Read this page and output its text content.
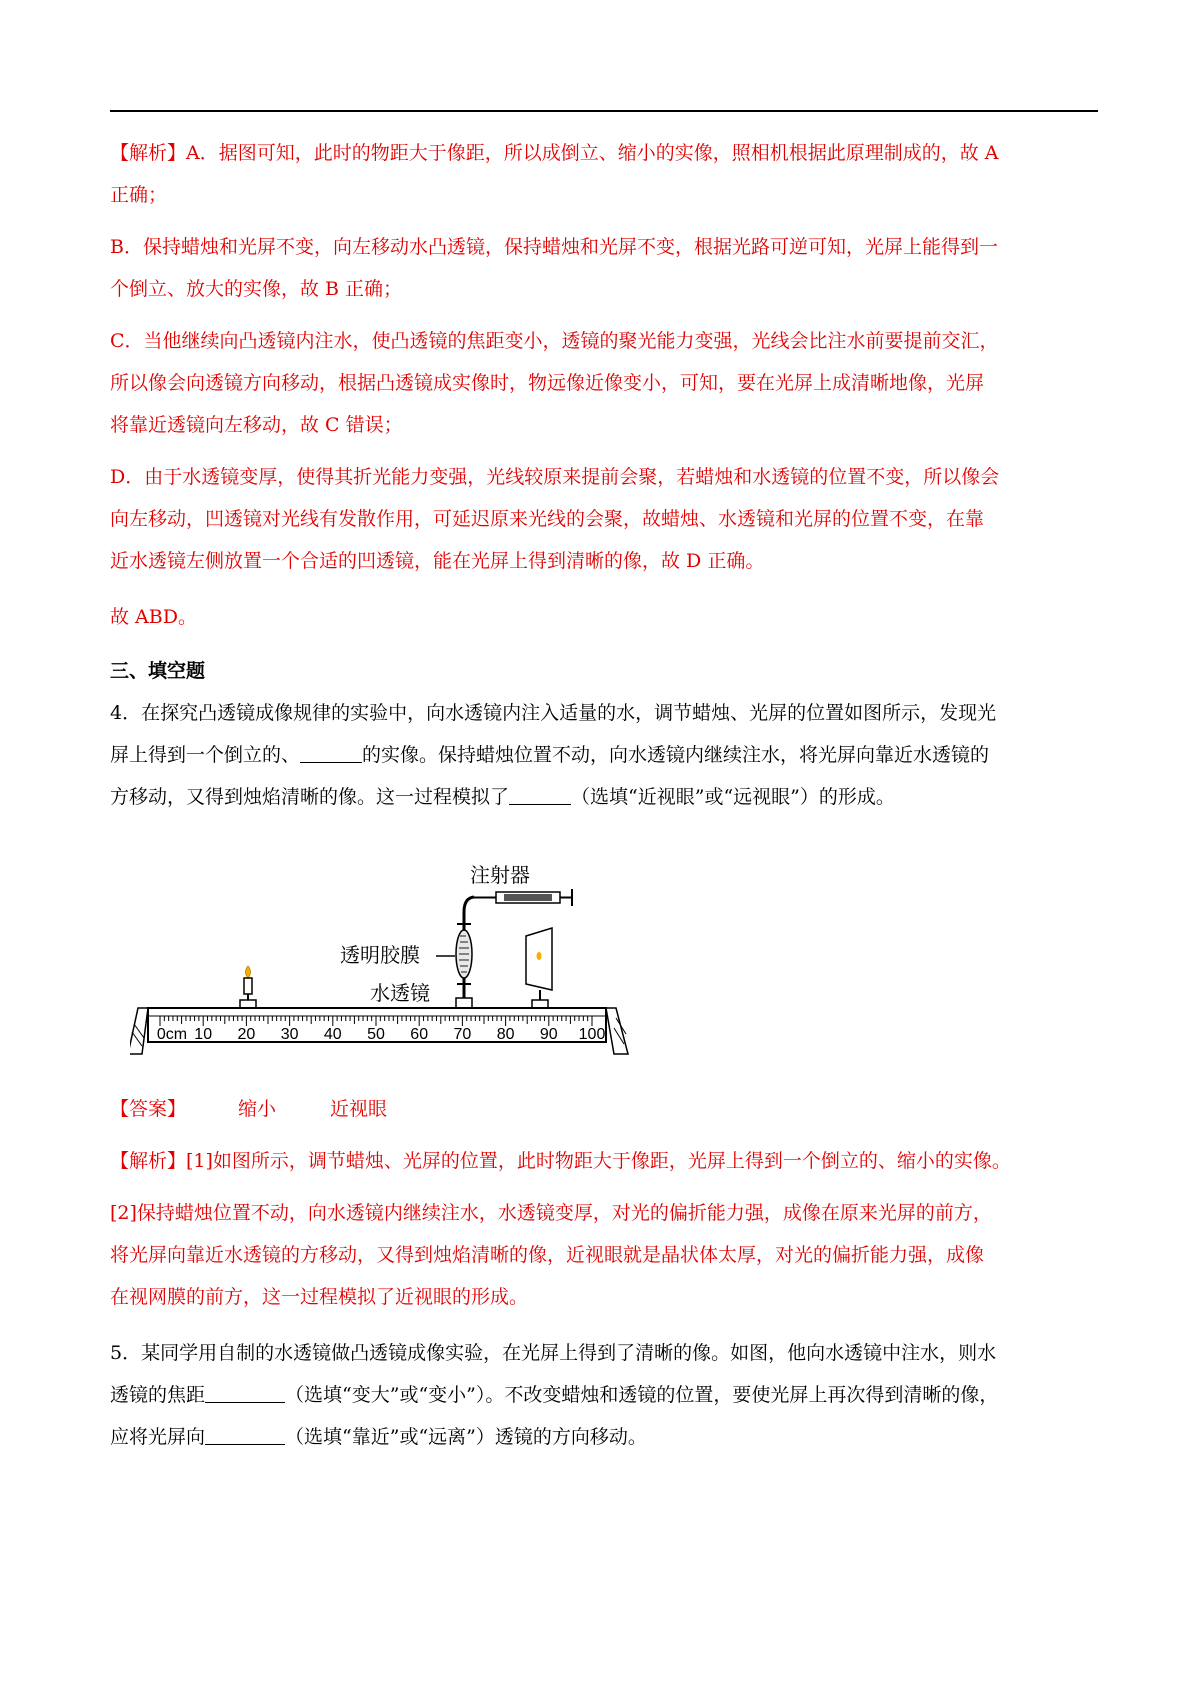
【解析】A．据图可知，此时的物距大于像距，所以成倒立、缩小的实像，照相机根据此原理制成的，故 A

正确；

B．保持蜡烛和光屏不变，向左移动水凸透镜，保持蜡烛和光屏不变，根据光路可逆可知，光屏上能得到一

个倒立、放大的实像，故 B 正确；

C．当他继续向凸透镜内注水，使凸透镜的焦距变小，透镜的聚光能力变强，光线会比注水前要提前交汇，

所以像会向透镜方向移动，根据凸透镜成实像时，物远像近像变小，可知，要在光屏上成清晰地像，光屏

将靠近透镜向左移动，故 C 错误；

D．由于水透镜变厚，使得其折光能力变强，光线较原来提前会聚，若蜡烛和水透镜的位置不变，所以像会

向左移动，凹透镜对光线有发散作用，可延迟原来光线的会聚，故蜡烛、水透镜和光屏的位置不变，在靠

近水透镜左侧放置一个合适的凹透镜，能在光屏上得到清晰的像，故 D 正确。

故 ABD。

三、填空题

4．在探究凸透镜成像规律的实验中，向水透镜内注入适量的水，调节蜡烛、光屏的位置如图所示，发现光

屏上得到一个倒立的、	的实像。保持蜡烛位置不动，向水透镜内继续注水，将光屏向靠近水透镜的

方移动，又得到烛焰清晰的像。这一过程模拟了	（选填“近视眼”或“远视眼”）的形成。

注射器
透明胶膜
水透镜
0cm 10 20 30 40 50 60 70 80 90 100
【答案】	缩小	近视眼

【解析】[1]如图所示，调节蜡烛、光屏的位置，此时物距大于像距，光屏上得到一个倒立的、缩小的实像。

[2]保持蜡烛位置不动，向水透镜内继续注水，水透镜变厚，对光的偏折能力强，成像在原来光屏的前方，

将光屏向靠近水透镜的方移动，又得到烛焰清晰的像，近视眼就是晶状体太厚，对光的偏折能力强，成像

在视网膜的前方，这一过程模拟了近视眼的形成。

5．某同学用自制的水透镜做凸透镜成像实验，在光屏上得到了清晰的像。如图，他向水透镜中注水，则水

透镜的焦距	（选填“变大”或“变小”）。不改变蜡烛和透镜的位置，要使光屏上再次得到清晰的像，

应将光屏向	（选填“靠近”或“远离”）透镜的方向移动。
